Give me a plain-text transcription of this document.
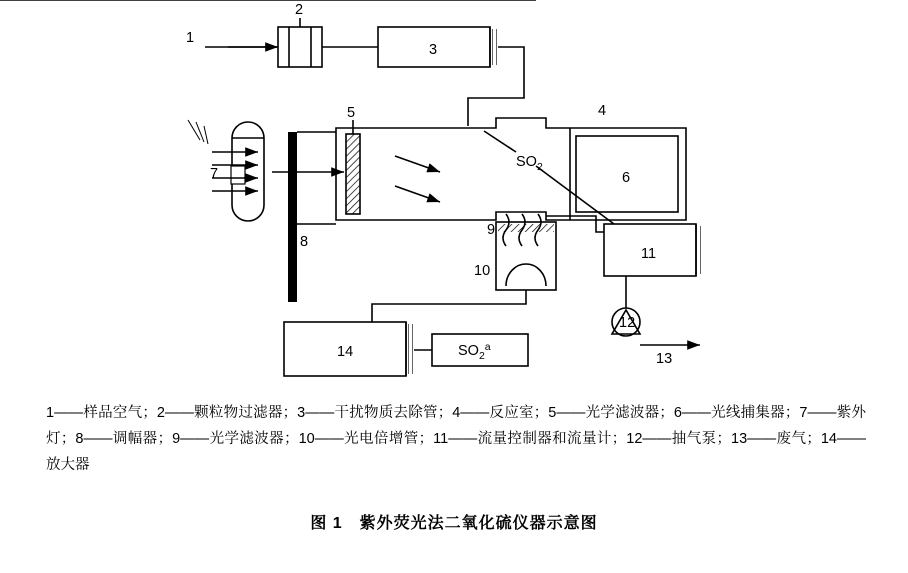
1
2
3
4
5
6
7
8
9
10
11
12
13
14
$SO_2$
$SO_2^a$
1——样品空气；2——颗粒物过滤器；3——干扰物质去除管；4——反应室；5——光学滤波器；6——光线捕集器；7——紫外灯；8——调幅器；9——光学滤波器；10——光电倍增管；11——流量控制器和流量计；12——抽气泵；13——废气；14——放大器
图 1　紫外荧光法二氧化硫仪器示意图
